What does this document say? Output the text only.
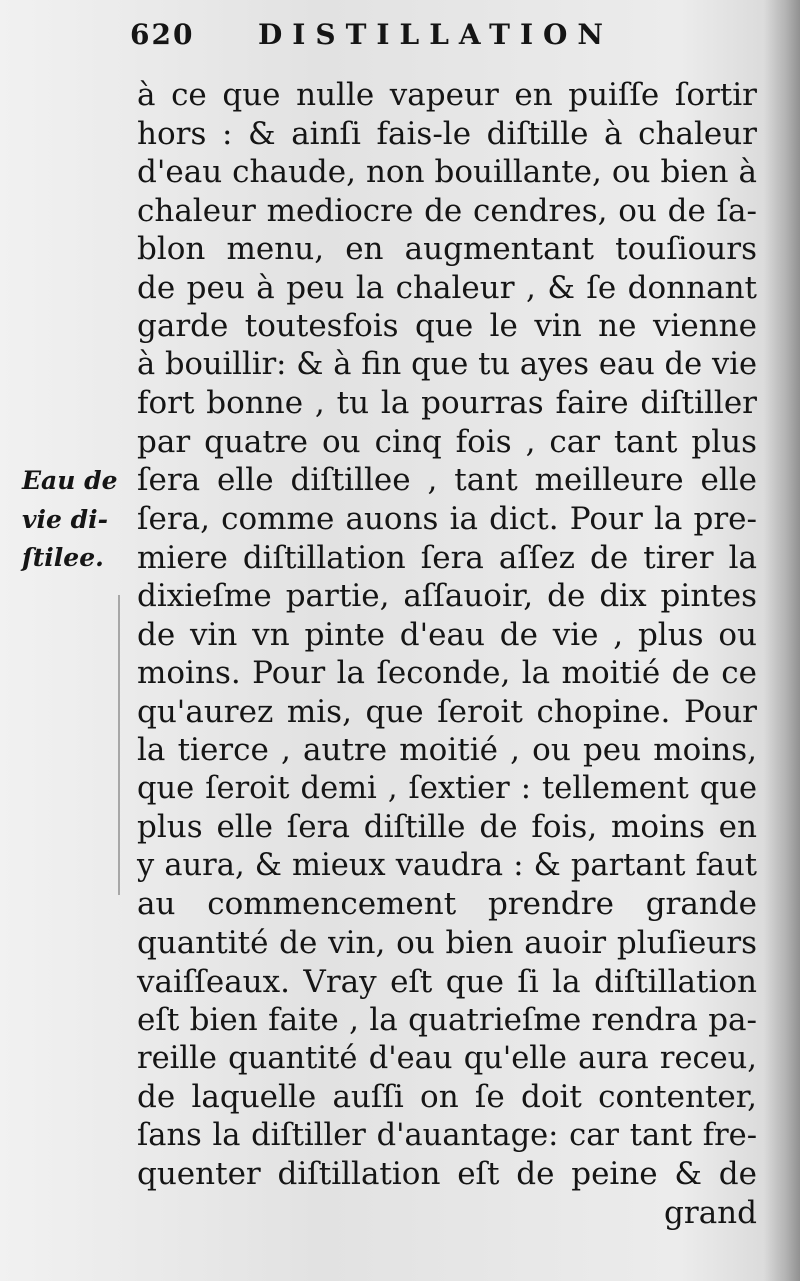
620 DISTILLATION
Eau de
vie di-
ſtilee.
à ce que nulle vapeur en puiſſe ſortir
hors : & ainſi fais-le diſtille à chaleur
d'eau chaude, non bouillante, ou bien à
chaleur mediocre de cendres, ou de ſa-
blon menu, en augmentant touſiours
de peu à peu la chaleur , & ſe donnant
garde toutesfois que le vin ne vienne
à bouillir: & à fin que tu ayes eau de vie
fort bonne , tu la pourras faire diſtiller
par quatre ou cinq fois , car tant plus
ſera elle diſtillee , tant meilleure elle
ſera, comme auons ia dict. Pour la pre-
miere diſtillation ſera aſſez de tirer la
dixieſme partie, aſſauoir, de dix pintes
de vin vn pinte d'eau de vie , plus ou
moins. Pour la ſeconde, la moitié de ce
qu'aurez mis, que ſeroit chopine. Pour
la tierce , autre moitié , ou peu moins,
que ſeroit demi , ſextier : tellement que
plus elle ſera diſtille de fois, moins en
y aura, & mieux vaudra : & partant faut
au commencement prendre grande
quantité de vin, ou bien auoir pluſieurs
vaiſſeaux. Vray eſt que ſi la diſtillation
eſt bien faite , la quatrieſme rendra pa-
reille quantité d'eau qu'elle aura receu,
de laquelle auſſi on ſe doit contenter,
ſans la diſtiller d'auantage: car tant fre-
quenter diſtillation eſt de peine & de
grand
